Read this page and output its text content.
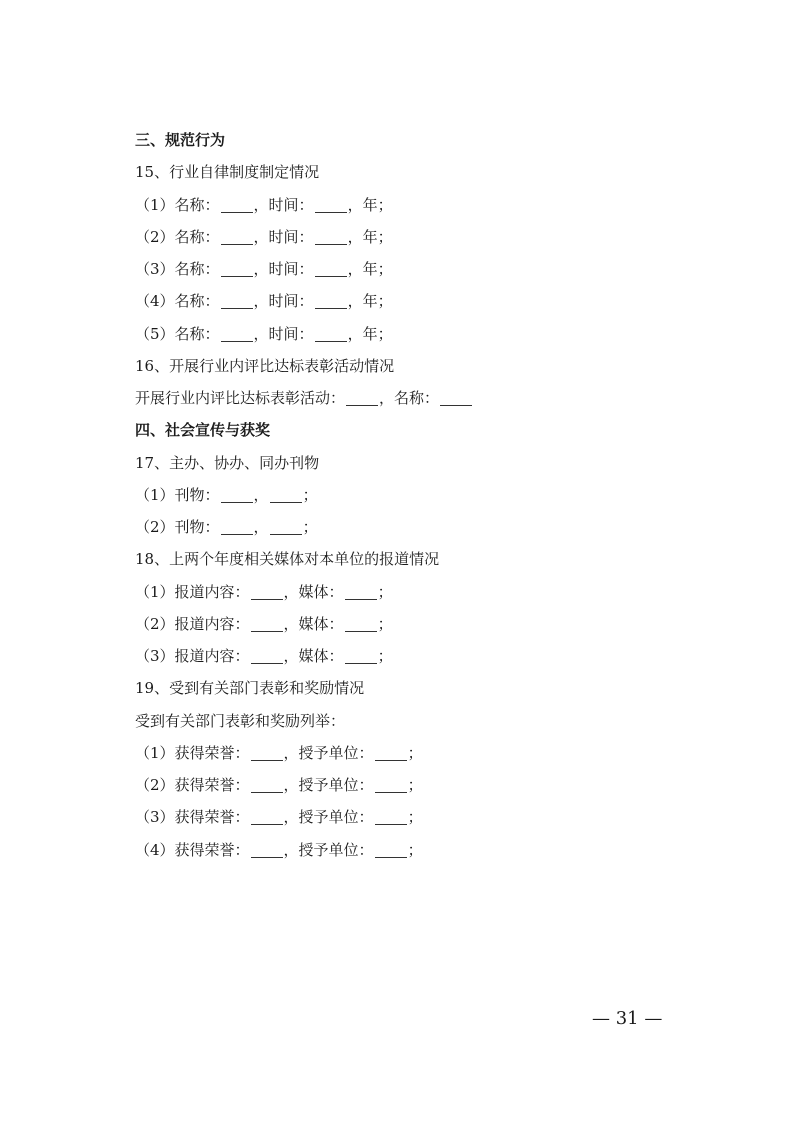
三、规范行为
15、行业自律制度制定情况
（1）名称： ，时间： ，年；
（2）名称： ，时间： ，年；
（3）名称： ，时间： ，年；
（4）名称： ，时间： ，年；
（5）名称： ，时间： ，年；
16、开展行业内评比达标表彰活动情况
开展行业内评比达标表彰活动： ，名称：
四、社会宣传与获奖
17、主办、协办、同办刊物
（1）刊物： ， ；
（2）刊物： ， ；
18、上两个年度相关媒体对本单位的报道情况
（1）报道内容： ，媒体： ；
（2）报道内容： ，媒体： ；
（3）报道内容： ，媒体： ；
19、受到有关部门表彰和奖励情况
受到有关部门表彰和奖励列举：
（1）获得荣誉： ，授予单位： ；
（2）获得荣誉： ，授予单位： ；
（3）获得荣誉： ，授予单位： ；
（4）获得荣誉： ，授予单位： ；
— 31 —
